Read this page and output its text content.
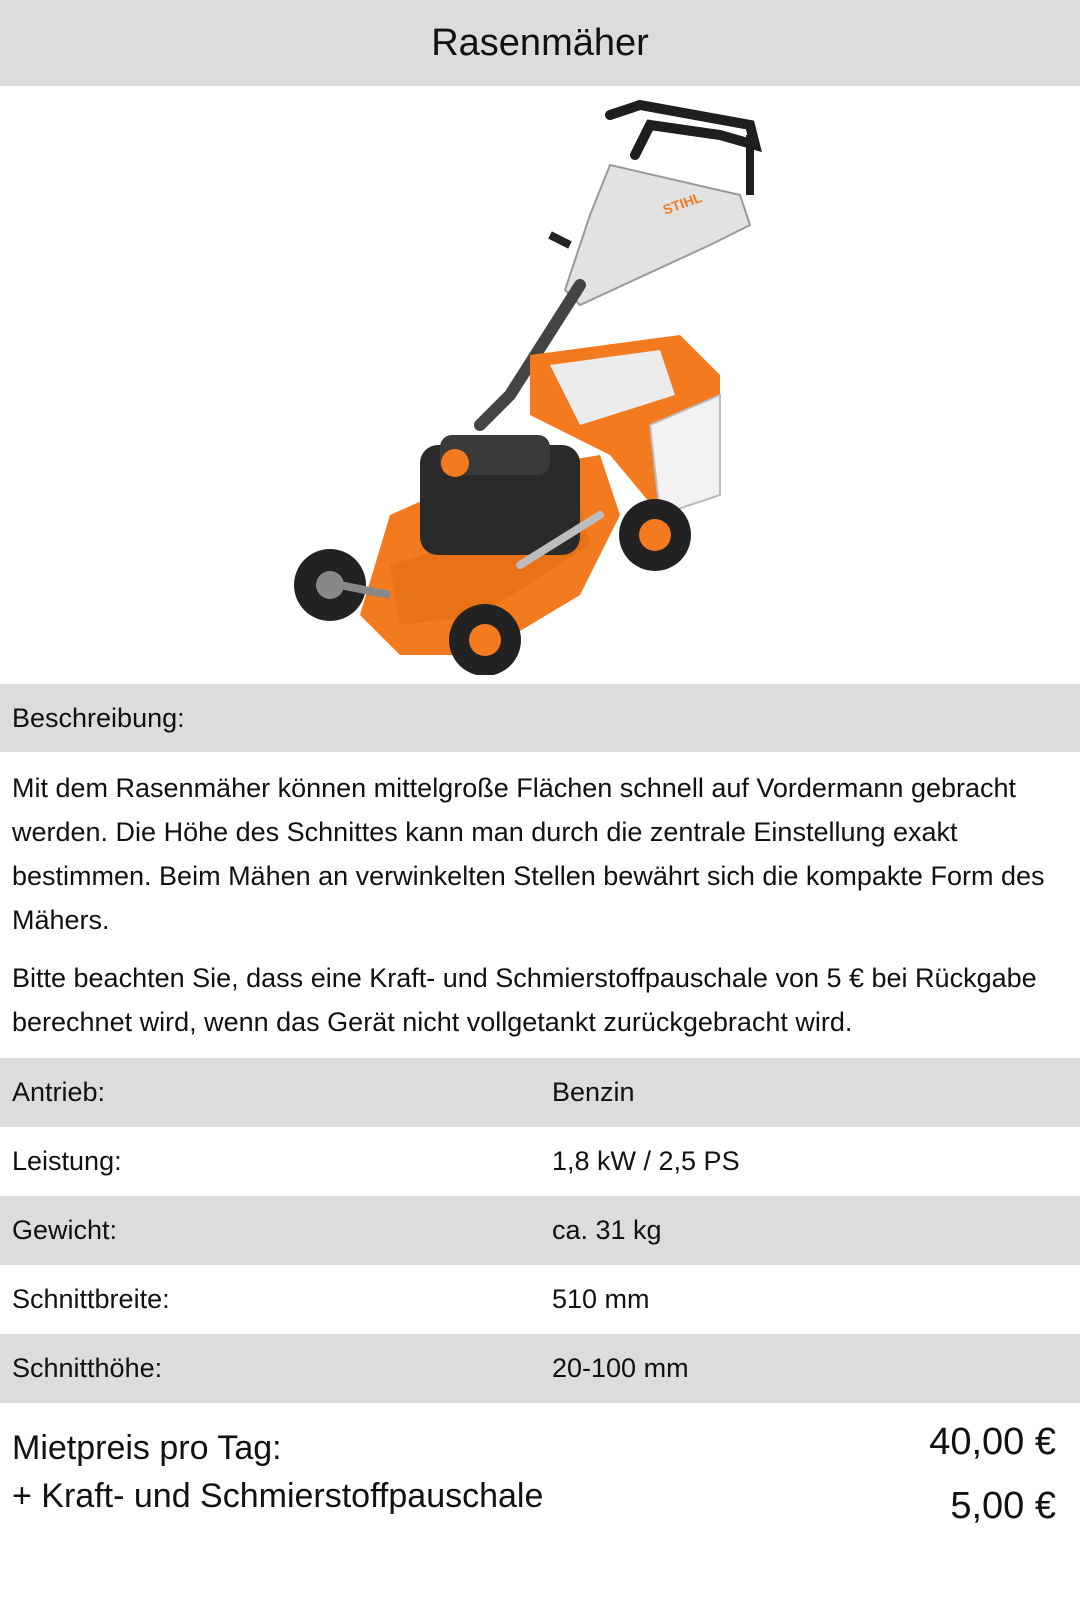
Rasenmäher
STIHL
Beschreibung:

Mit dem Rasenmäher können mittelgroße Flächen schnell auf Vordermann gebracht werden. Die Höhe des Schnittes kann man durch die zentrale Einstellung exakt bestimmen. Beim Mähen an verwinkelten Stellen bewährt sich die kompakte Form des Mähers.

Bitte beachten Sie, dass eine Kraft- und Schmierstoffpauschale von 5 € bei Rückgabe berechnet wird, wenn das Gerät nicht vollgetankt zurückgebracht wird.

Antrieb:	Benzin
Leistung:	1,8 kW / 2,5 PS
Gewicht:	ca. 31 kg
Schnittbreite:	510 mm
Schnitthöhe:	20-100 mm
Mietpreis pro Tag:	40,00 €
+ Kraft- und Schmierstoffpauschale	5,00 €
